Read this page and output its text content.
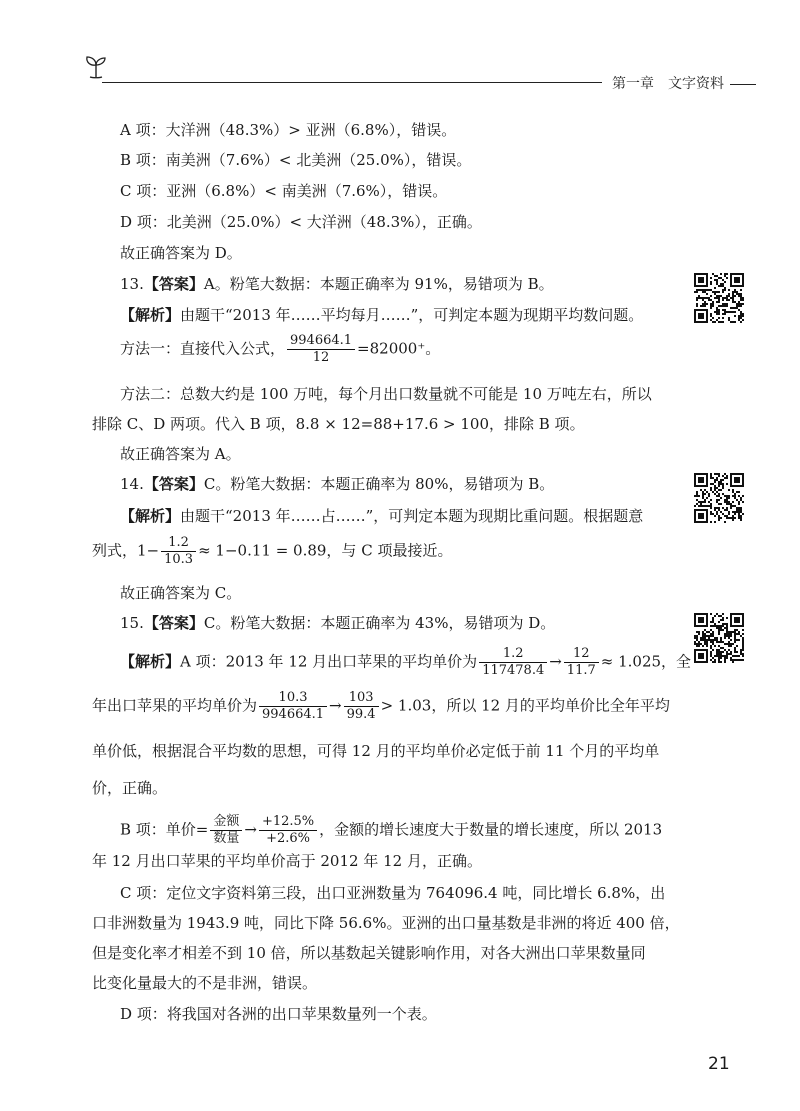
第一章 文字资料
A 项：大洋洲（48.3%）> 亚洲（6.8%），错误。
B 项：南美洲（7.6%）< 北美洲（25.0%），错误。
C 项：亚洲（6.8%）< 南美洲（7.6%），错误。
D 项：北美洲（25.0%）< 大洋洲（48.3%），正确。
故正确答案为 D。
13.【答案】A。粉笔大数据：本题正确率为 91%，易错项为 B。
【解析】由题干“2013 年……平均每月……”，可判定本题为现期平均数问题。
方法一：直接代入公式， $\frac{994664.1}{12} =82000^+$。
方法二：总数大约是 100 万吨，每个月出口数量就不可能是 10 万吨左右，所以
排除 C、D 两项。代入 B 项，8.8 × 12=88+17.6 > 100，排除 B 项。
故正确答案为 A。
14.【答案】C。粉笔大数据：本题正确率为 80%，易错项为 B。
【解析】由题干“2013 年……占……”，可判定本题为现期比重问题。根据题意
列式，$1- \frac{1.2}{10.3} \approx 1-0.11 = 0.89$，与 C 项最接近。
故正确答案为 C。
15.【答案】C。粉笔大数据：本题正确率为 43%，易错项为 D。
【解析】A 项：2013 年 12 月出口苹果的平均单价为 $\frac{1.2}{117478.4} \to \frac{12}{11.7} \approx 1.025$，全
年出口苹果的平均单价为 $\frac{10.3}{994664.1} \to \frac{103}{99.4} > 1.03$，所以 12 月的平均单价比全年平均
单价低，根据混合平均数的思想，可得 12 月的平均单价必定低于前 11 个月的平均单
价，正确。
B 项：单价= $\frac{\text{金额}}{\text{数量}} \to \frac{+12.5\%}{+2.6\%}$ ，金额的增长速度大于数量的增长速度，所以 2013
年 12 月出口苹果的平均单价高于 2012 年 12 月，正确。
C 项：定位文字资料第三段，出口亚洲数量为 764096.4 吨，同比增长 6.8%，出
口非洲数量为 1943.9 吨，同比下降 56.6%。亚洲的出口量基数是非洲的将近 400 倍，
但是变化率才相差不到 10 倍，所以基数起关键影响作用，对各大洲出口苹果数量同
比变化量最大的不是非洲，错误。
D 项：将我国对各洲的出口苹果数量列一个表。
21
